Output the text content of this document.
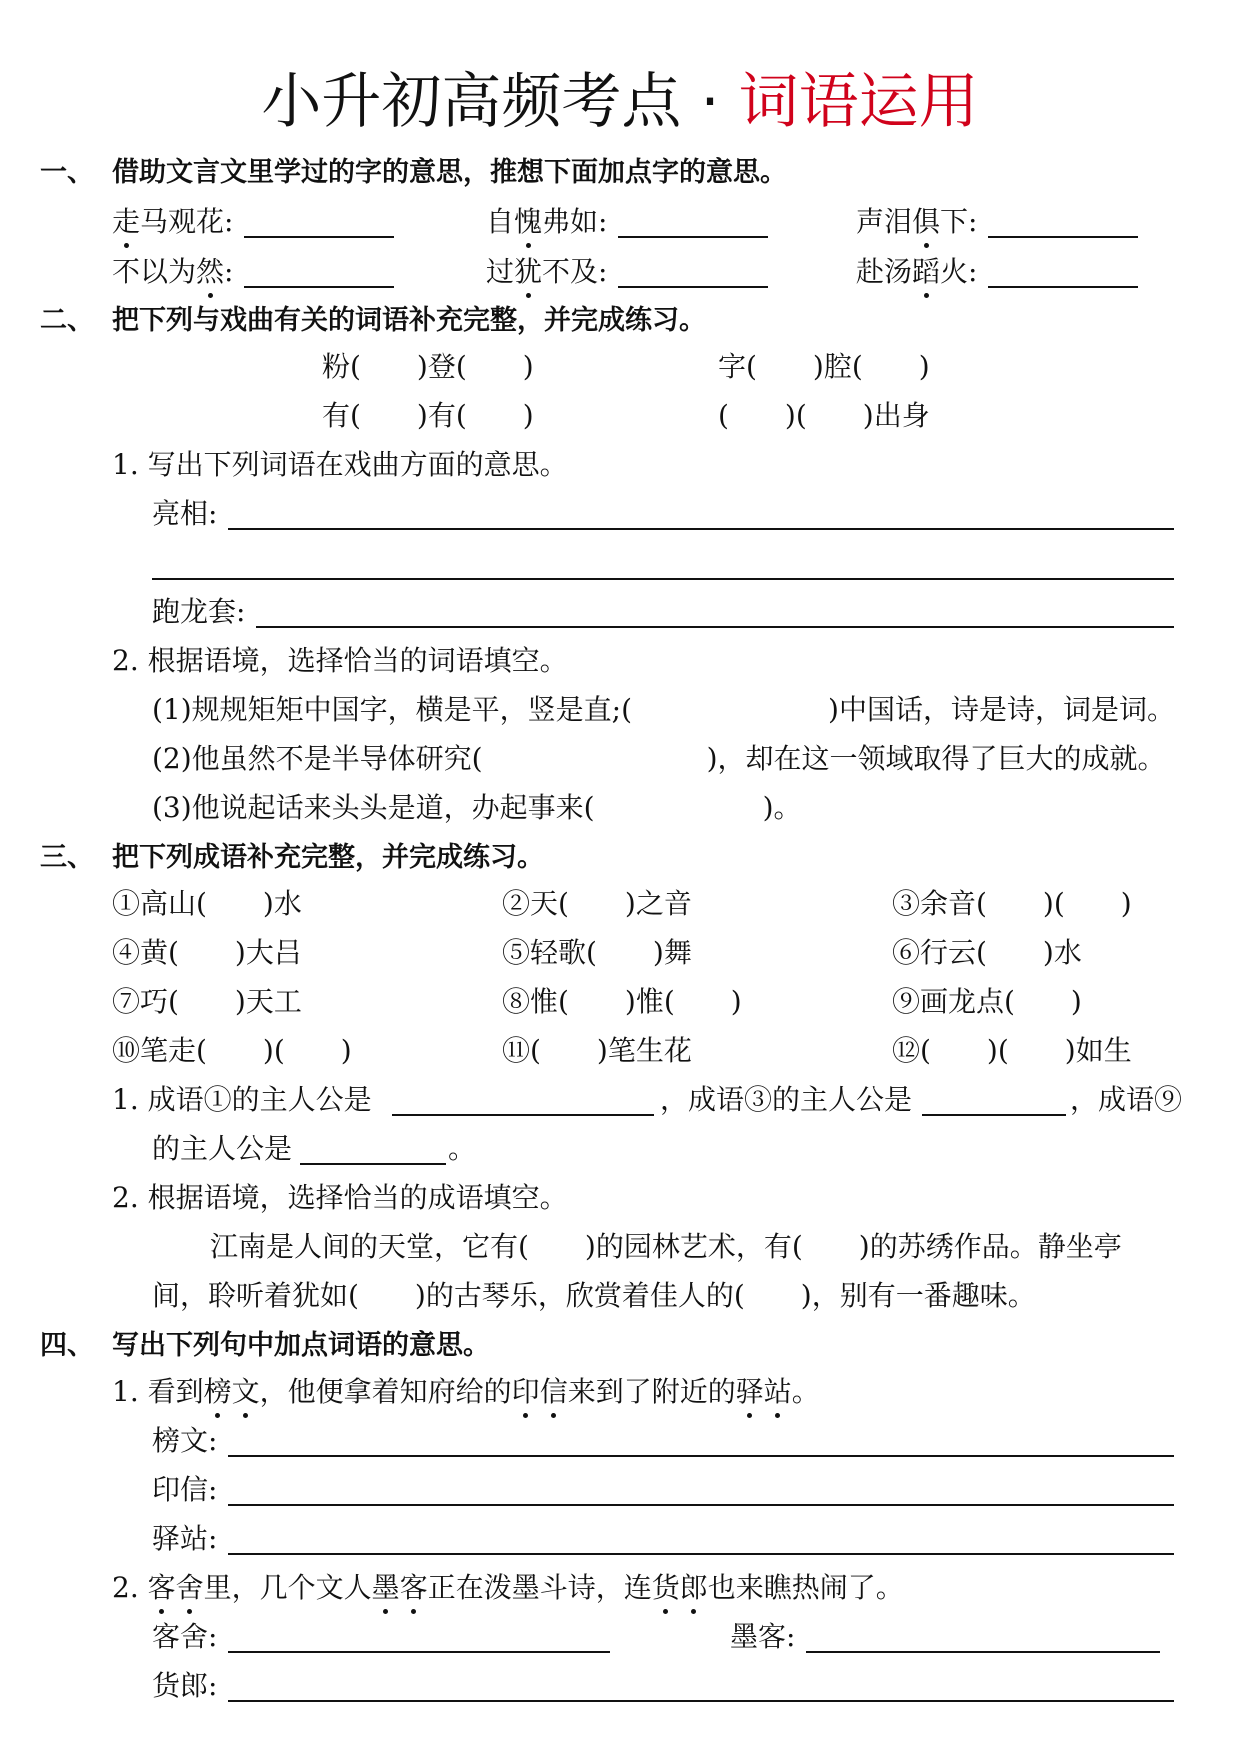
小升初高频考点 · 词语运用
一、 借助文言文里学过的字的意思，推想下面加点字的意思。
走马观花:	自愧弗如:	声泪俱下:
不以为然:	过犹不及:	赴汤蹈火:
二、 把下列与戏曲有关的词语补充完整，并完成练习。
粉(　　)登(　　)	字(　　)腔(　　)
有(　　)有(　　)	(　　)(　　)出身
1. 写出下列词语在戏曲方面的意思。
亮相:
跑龙套:
2. 根据语境，选择恰当的词语填空。
(1)规规矩矩中国字，横是平，竖是直;(　　　　　　　)中国话，诗是诗，词是词。
(2)他虽然不是半导体研究(　　　　　　　　)，却在这一领域取得了巨大的成就。
(3)他说起话来头头是道，办起事来(　　　　　　)。
三、 把下列成语补充完整，并完成练习。
①高山(　　)水	②天(　　)之音	③余音(　　)(　　)
④黄(　　)大吕	⑤轻歌(　　)舞	⑥行云(　　)水
⑦巧(　　)天工	⑧惟(　　)惟(　　)	⑨画龙点(　　)
⑩笔走(　　)(　　)	⑪(　　)笔生花	⑫(　　)(　　)如生
1. 成语①的主人公是	，成语③的主人公是	，成语⑨
的主人公是	。
2. 根据语境，选择恰当的成语填空。
江南是人间的天堂，它有(　　)的园林艺术，有(　　)的苏绣作品。静坐亭
间，聆听着犹如(　　)的古琴乐，欣赏着佳人的(　　)，别有一番趣味。
四、 写出下列句中加点词语的意思。
1. 看到榜文，他便拿着知府给的印信来到了附近的驿站。
榜文:
印信:
驿站:
2. 客舍里，几个文人墨客正在泼墨斗诗，连货郎也来瞧热闹了。
客舍:	墨客:
货郎:
